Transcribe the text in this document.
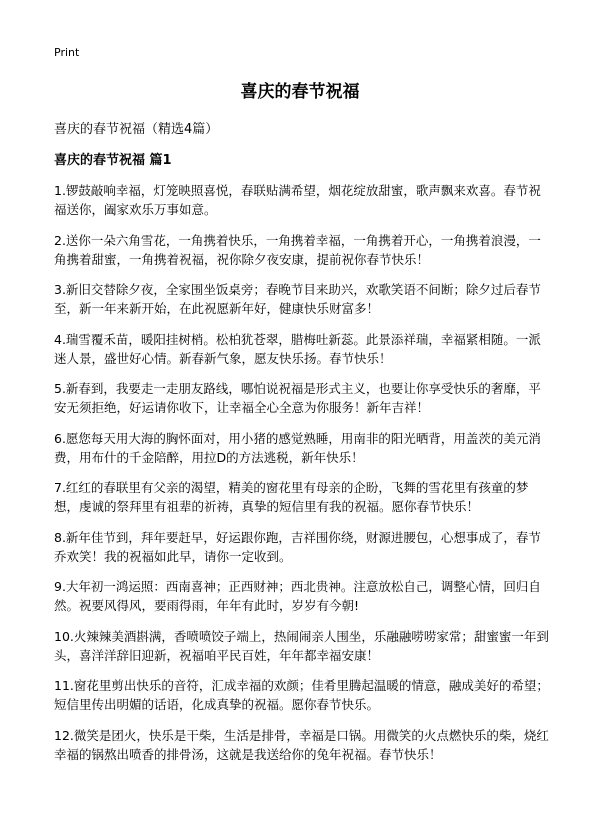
Print
喜庆的春节祝福

喜庆的春节祝福（精选4篇）

喜庆的春节祝福 篇1
1.锣鼓敲响幸福，灯笼映照喜悦，春联贴满希望，烟花绽放甜蜜，歌声飘来欢喜。春节祝福送你，阖家欢乐万事如意。
2.送你一朵六角雪花，一角携着快乐，一角携着幸福，一角携着开心，一角携着浪漫，一角携着甜蜜，一角携着祝福，祝你除夕夜安康，提前祝你春节快乐！
3.新旧交替除夕夜，全家围坐饭桌旁；春晚节目来助兴，欢歌笑语不间断；除夕过后春节至，新一年来新开始，在此祝愿新年好，健康快乐财富多！
4.瑞雪覆禾苗，暖阳挂树梢。松柏犹苍翠，腊梅吐新蕊。此景添祥瑞，幸福紧相随。一派迷人景，盛世好心情。新春新气象，愿友快乐扬。春节快乐！
5.新春到，我要走一走朋友路线，哪怕说祝福是形式主义，也要让你享受快乐的奢靡，平安无须拒绝，好运请你收下，让幸福全心全意为你服务！新年吉祥！
6.愿您每天用大海的胸怀面对，用小猪的感觉熟睡，用南非的阳光晒背，用盖茨的美元消费，用布什的千金陪醉，用拉D的方法逃税，新年快乐！
7.红红的春联里有父亲的渴望，精美的窗花里有母亲的企盼，飞舞的雪花里有孩童的梦想，虔诚的祭拜里有祖辈的祈祷，真挚的短信里有我的祝福。愿你春节快乐！
8.新年佳节到，拜年要赶早，好运跟你跑，吉祥围你绕，财源进腰包，心想事成了，春节乔欢笑！我的祝福如此早，请你一定收到。
9.大年初一鸿运照：西南喜神；正西财神；西北贵神。注意放松自己，调整心情，回归自然。祝要风得风，要雨得雨，年年有此时，岁岁有今朝!
10.火辣辣美酒斟满，香喷喷饺子端上，热闹闹亲人围坐，乐融融唠唠家常；甜蜜蜜一年到头，喜洋洋辞旧迎新，祝福咱平民百姓，年年都幸福安康！
11.窗花里剪出快乐的音符，汇成幸福的欢颜；佳肴里腾起温暖的情意，融成美好的希望；短信里传出明媚的话语，化成真挚的祝福。愿你春节快乐。
12.微笑是团火，快乐是干柴，生活是排骨，幸福是口锅。用微笑的火点燃快乐的柴，烧红幸福的锅熬出喷香的排骨汤，这就是我送给你的兔年祝福。春节快乐！
